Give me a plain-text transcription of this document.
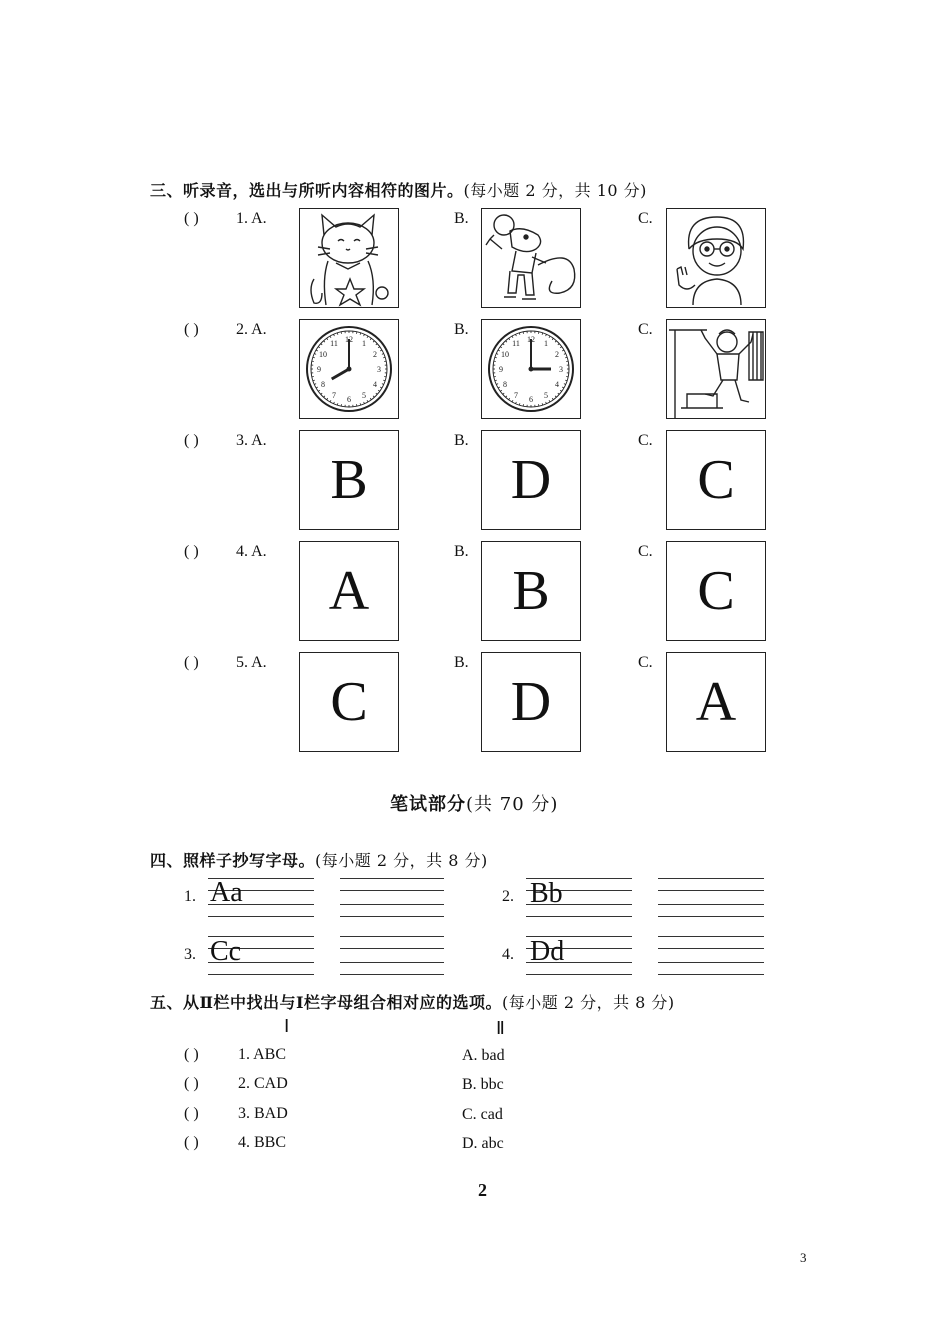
三、听录音，选出与所听内容相符的图片。(每小题 2 分，共 10 分)
( ) 1. A.	B.	C.
( ) 2. A.	B.	C.
1
2
3
4
5
6
7
8
9
10
11 12	1
2
3
4
5
6
7
8
9
10
11 12
( ) 3. A.	B.	C.
B	D	C
( ) 4. A.	B.	C.
A	B	C
( ) 5. A.	B.	C.
C	D	A
笔试部分(共 70 分)
四、照样子抄写字母。(每小题 2 分，共 8 分)
1. Aa	2. Bb
3. Cc	4. Dd
五、从Ⅱ栏中找出与Ⅰ栏字母组合相对应的选项。(每小题 2 分，共 8 分)
Ⅰ	Ⅱ
( ) 1. ABC	A. bad
( ) 2. CAD	B. bbc
( ) 3. BAD	C. cad
( ) 4. BBC	D. abc
2
3
